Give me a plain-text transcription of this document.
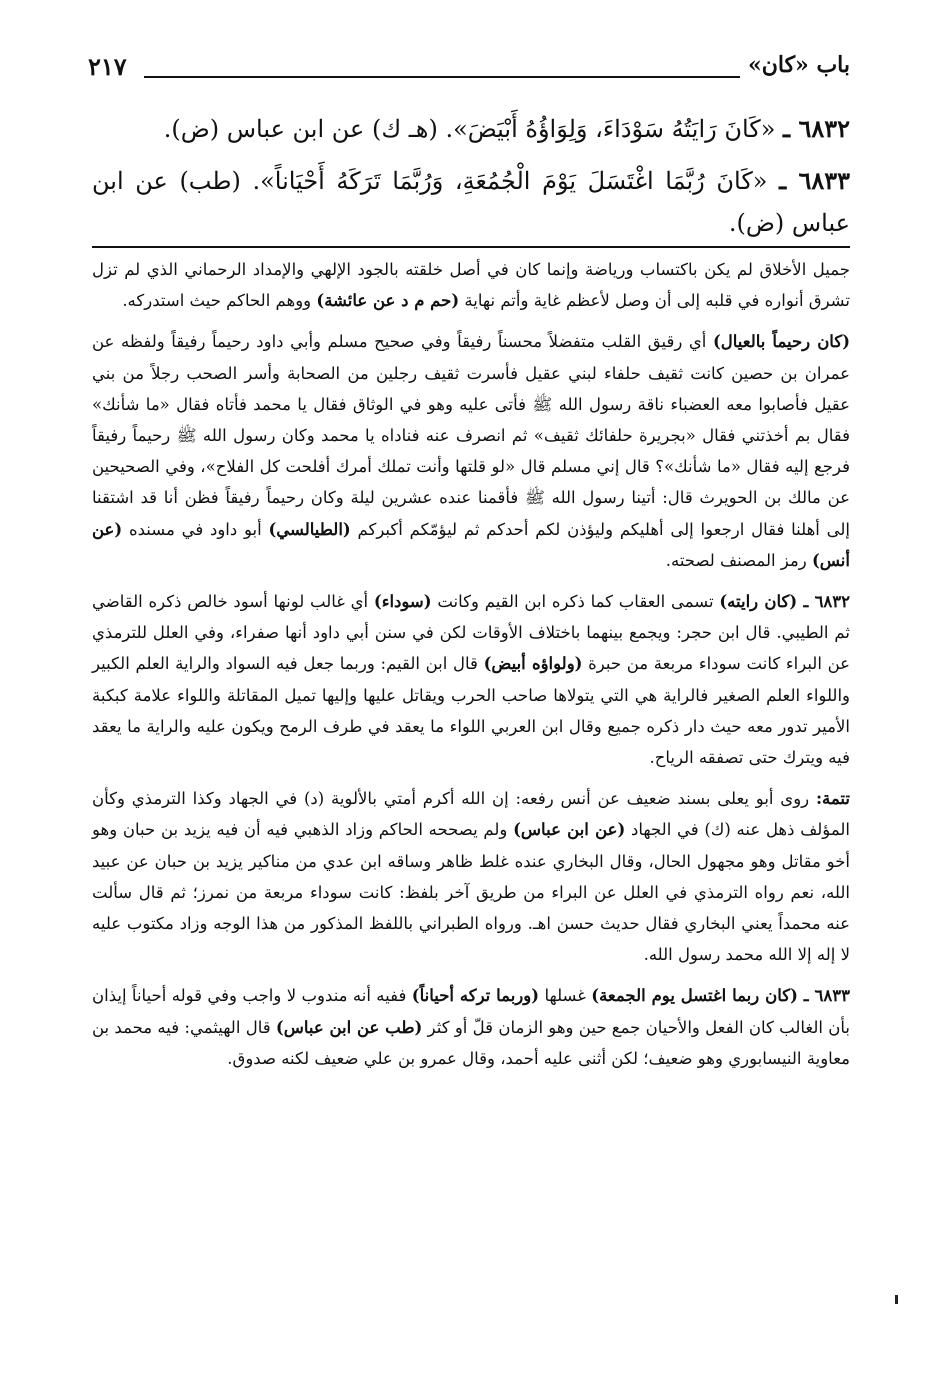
٢١٧	باب «كان»
٦٨٣٢ ـ «كَانَ رَايَتُهُ سَوْدَاءَ، وَلِوَاؤُهُ أَبْيَضَ». (هـ ك) عن ابن عباس (ض).
٦٨٣٣ ـ «كَانَ رُبَّمَا اغْتَسَلَ يَوْمَ الْجُمُعَةِ، وَرُبَّمَا تَرَكَهُ أَحْيَاناً». (طب) عن ابن عباس (ض).

جميل الأخلاق لم يكن باكتساب ورياضة وإنما كان في أصل خلقته بالجود الإلهي والإمداد الرحماني الذي لم تزل تشرق أنواره في قلبه إلى أن وصل لأعظم غاية وأتم نهاية (حم م د عن عائشة) ووهم الحاكم حيث استدركه.

(كان رحيماً بالعيال) أي رقيق القلب متفضلاً محسناً رفيقاً وفي صحيح مسلم وأبي داود رحيماً رفيقاً ولفظه عن عمران بن حصين كانت ثقيف حلفاء لبني عقيل فأسرت ثقيف رجلين من الصحابة وأسر الصحب رجلاً من بني عقيل فأصابوا معه العضباء ناقة رسول الله ﷺ فأتى عليه وهو في الوثاق فقال يا محمد فأتاه فقال «ما شأنك» فقال بم أخذتني فقال «بجريرة حلفائك ثقيف» ثم انصرف عنه فناداه يا محمد وكان رسول الله ﷺ رحيماً رفيقاً فرجع إليه فقال «ما شأنك»؟ قال إني مسلم قال «لو قلتها وأنت تملك أمرك أفلحت كل الفلاح»، وفي الصحيحين عن مالك بن الحويرث قال: أتينا رسول الله ﷺ فأقمنا عنده عشرين ليلة وكان رحيماً رفيقاً فظن أنا قد اشتقنا إلى أهلنا فقال ارجعوا إلى أهليكم وليؤذن لكم أحدكم ثم ليؤمّكم أكبركم (الطيالسي) أبو داود في مسنده (عن أنس) رمز المصنف لصحته.

٦٨٣٢ ـ (كان رايته) تسمى العقاب كما ذكره ابن القيم وكانت (سوداء) أي غالب لونها أسود خالص ذكره القاضي ثم الطيبي. قال ابن حجر: ويجمع بينهما باختلاف الأوقات لكن في سنن أبي داود أنها صفراء، وفي العلل للترمذي عن البراء كانت سوداء مربعة من حبرة (ولواؤه أبيض) قال ابن القيم: وربما جعل فيه السواد والراية العلم الكبير واللواء العلم الصغير فالراية هي التي يتولاها صاحب الحرب ويقاتل عليها وإليها تميل المقاتلة واللواء علامة كبكبة الأمير تدور معه حيث دار ذكره جميع وقال ابن العربي اللواء ما يعقد في طرف الرمح ويكون عليه والراية ما يعقد فيه ويترك حتى تصفقه الرياح.

تتمة: روى أبو يعلى بسند ضعيف عن أنس رفعه: إن الله أكرم أمتي بالألوية (د) في الجهاد وكذا الترمذي وكأن المؤلف ذهل عنه (ك) في الجهاد (عن ابن عباس) ولم يصححه الحاكم وزاد الذهبي فيه أن فيه يزيد بن حبان وهو أخو مقاتل وهو مجهول الحال، وقال البخاري عنده غلط ظاهر وساقه ابن عدي من مناكير يزيد بن حبان عن عبيد الله، نعم رواه الترمذي في العلل عن البراء من طريق آخر بلفظ: كانت سوداء مربعة من نمرز؛ ثم قال سألت عنه محمداً يعني البخاري فقال حديث حسن اهـ. ورواه الطبراني باللفظ المذكور من هذا الوجه وزاد مكتوب عليه لا إله إلا الله محمد رسول الله.

٦٨٣٣ ـ (كان ربما اغتسل يوم الجمعة) غسلها (وربما تركه أحياناً) ففيه أنه مندوب لا واجب وفي قوله أحياناً إيذان بأن الغالب كان الفعل والأحيان جمع حين وهو الزمان قلّ أو كثر (طب عن ابن عباس) قال الهيثمي: فيه محمد بن معاوية النيسابوري وهو ضعيف؛ لكن أثنى عليه أحمد، وقال عمرو بن علي ضعيف لكنه صدوق.
